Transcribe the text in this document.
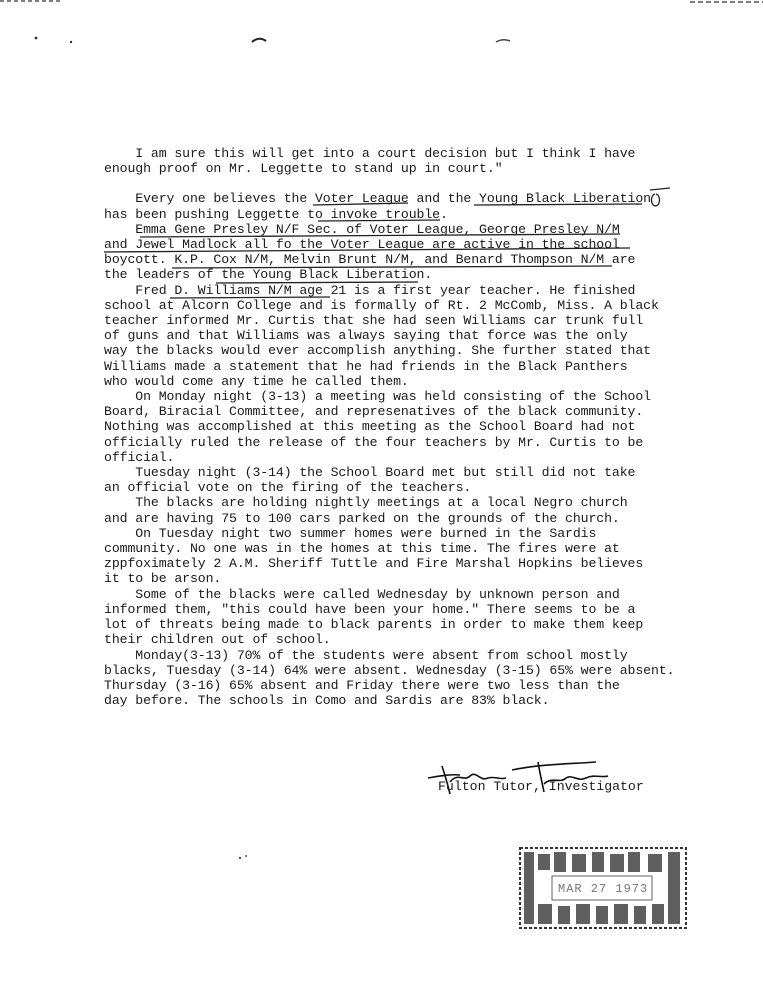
I am sure this will get into a court decision but I think I have
enough proof on Mr. Leggette to stand up in court."
Every one believes the Voter League and the Young Black Liberation
has been pushing Leggette to invoke trouble.
Emma Gene Presley N/F Sec. of Voter League, George Presley N/M
and Jewel Madlock all fo the Voter League are active in the school
boycott. K.P. Cox N/M, Melvin Brunt N/M, and Benard Thompson N/M are
the leaders of the Young Black Liberation.
Fred D. Williams N/M age 21 is a first year teacher. He finished
school at Alcorn College and is formally of Rt. 2 McComb, Miss. A black
teacher informed Mr. Curtis that she had seen Williams car trunk full
of guns and that Williams was always saying that force was the only
way the blacks would ever accomplish anything. She further stated that
Williams made a statement that he had friends in the Black Panthers
who would come any time he called them.
On Monday night (3-13) a meeting was held consisting of the School
Board, Biracial Committee, and represenatives of the black community.
Nothing was accomplished at this meeting as the School Board had not
officially ruled the release of the four teachers by Mr. Curtis to be
official.
Tuesday night (3-14) the School Board met but still did not take
an official vote on the firing of the teachers.
The blacks are holding nightly meetings at a local Negro church
and are having 75 to 100 cars parked on the grounds of the church.
On Tuesday night two summer homes were burned in the Sardis
community. No one was in the homes at this time. The fires were at
zppfoximately 2 A.M. Sheriff Tuttle and Fire Marshal Hopkins believes
it to be arson.
Some of the blacks were called Wednesday by unknown person and
informed them, "this could have been your home." There seems to be a
lot of threats being made to black parents in order to make them keep
their children out of school.
Monday(3-13) 70% of the students were absent from school mostly
blacks, Tuesday (3-14) 64% were absent. Wednesday (3-15) 65% were absent.
Thursday (3-16) 65% absent and Friday there were two less than the
day before. The schools in Como and Sardis are 83% black.
Fulton Tutor, Investigator
MAR 27 1973
